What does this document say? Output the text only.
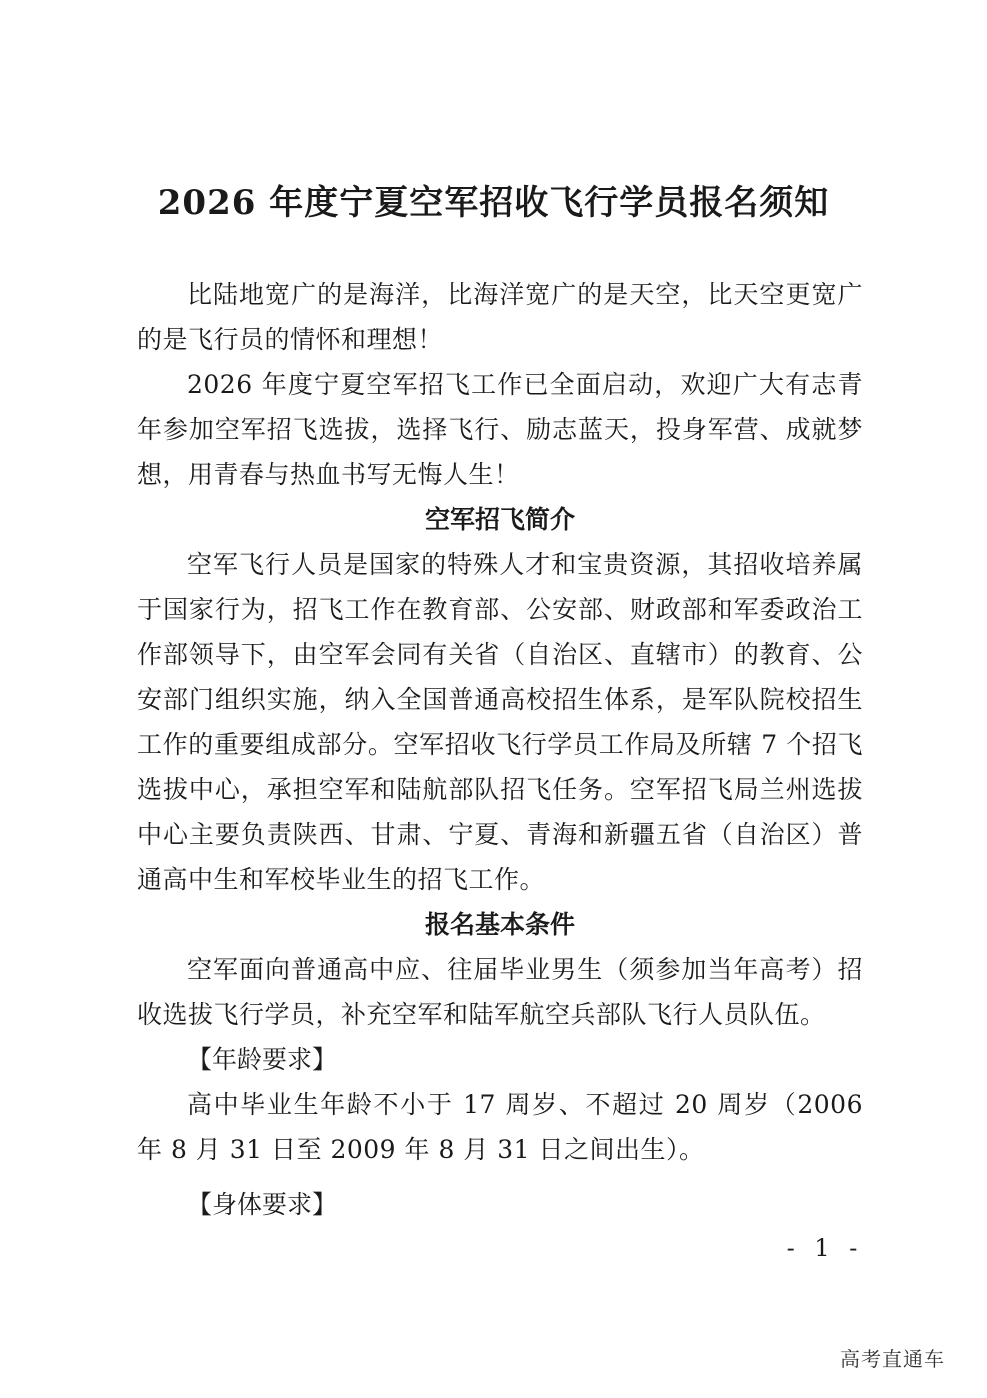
2026 年度宁夏空军招收飞行学员报名须知

比陆地宽广的是海洋，比海洋宽广的是天空，比天空更宽广的是飞行员的情怀和理想！

2026 年度宁夏空军招飞工作已全面启动，欢迎广大有志青年参加空军招飞选拔，选择飞行、励志蓝天，投身军营、成就梦想，用青春与热血书写无悔人生！

空军招飞简介

空军飞行人员是国家的特殊人才和宝贵资源，其招收培养属于国家行为，招飞工作在教育部、公安部、财政部和军委政治工作部领导下，由空军会同有关省（自治区、直辖市）的教育、公安部门组织实施，纳入全国普通高校招生体系，是军队院校招生工作的重要组成部分。空军招收飞行学员工作局及所辖 7 个招飞选拔中心，承担空军和陆航部队招飞任务。空军招飞局兰州选拔中心主要负责陕西、甘肃、宁夏、青海和新疆五省（自治区）普通高中生和军校毕业生的招飞工作。

报名基本条件

空军面向普通高中应、往届毕业男生（须参加当年高考）招收选拔飞行学员，补充空军和陆军航空兵部队飞行人员队伍。

【年龄要求】

高中毕业生年龄不小于 17 周岁、不超过 20 周岁（2006 年 8 月 31 日至 2009 年 8 月 31 日之间出生）。

【身体要求】
- 1 -
高考直通车
